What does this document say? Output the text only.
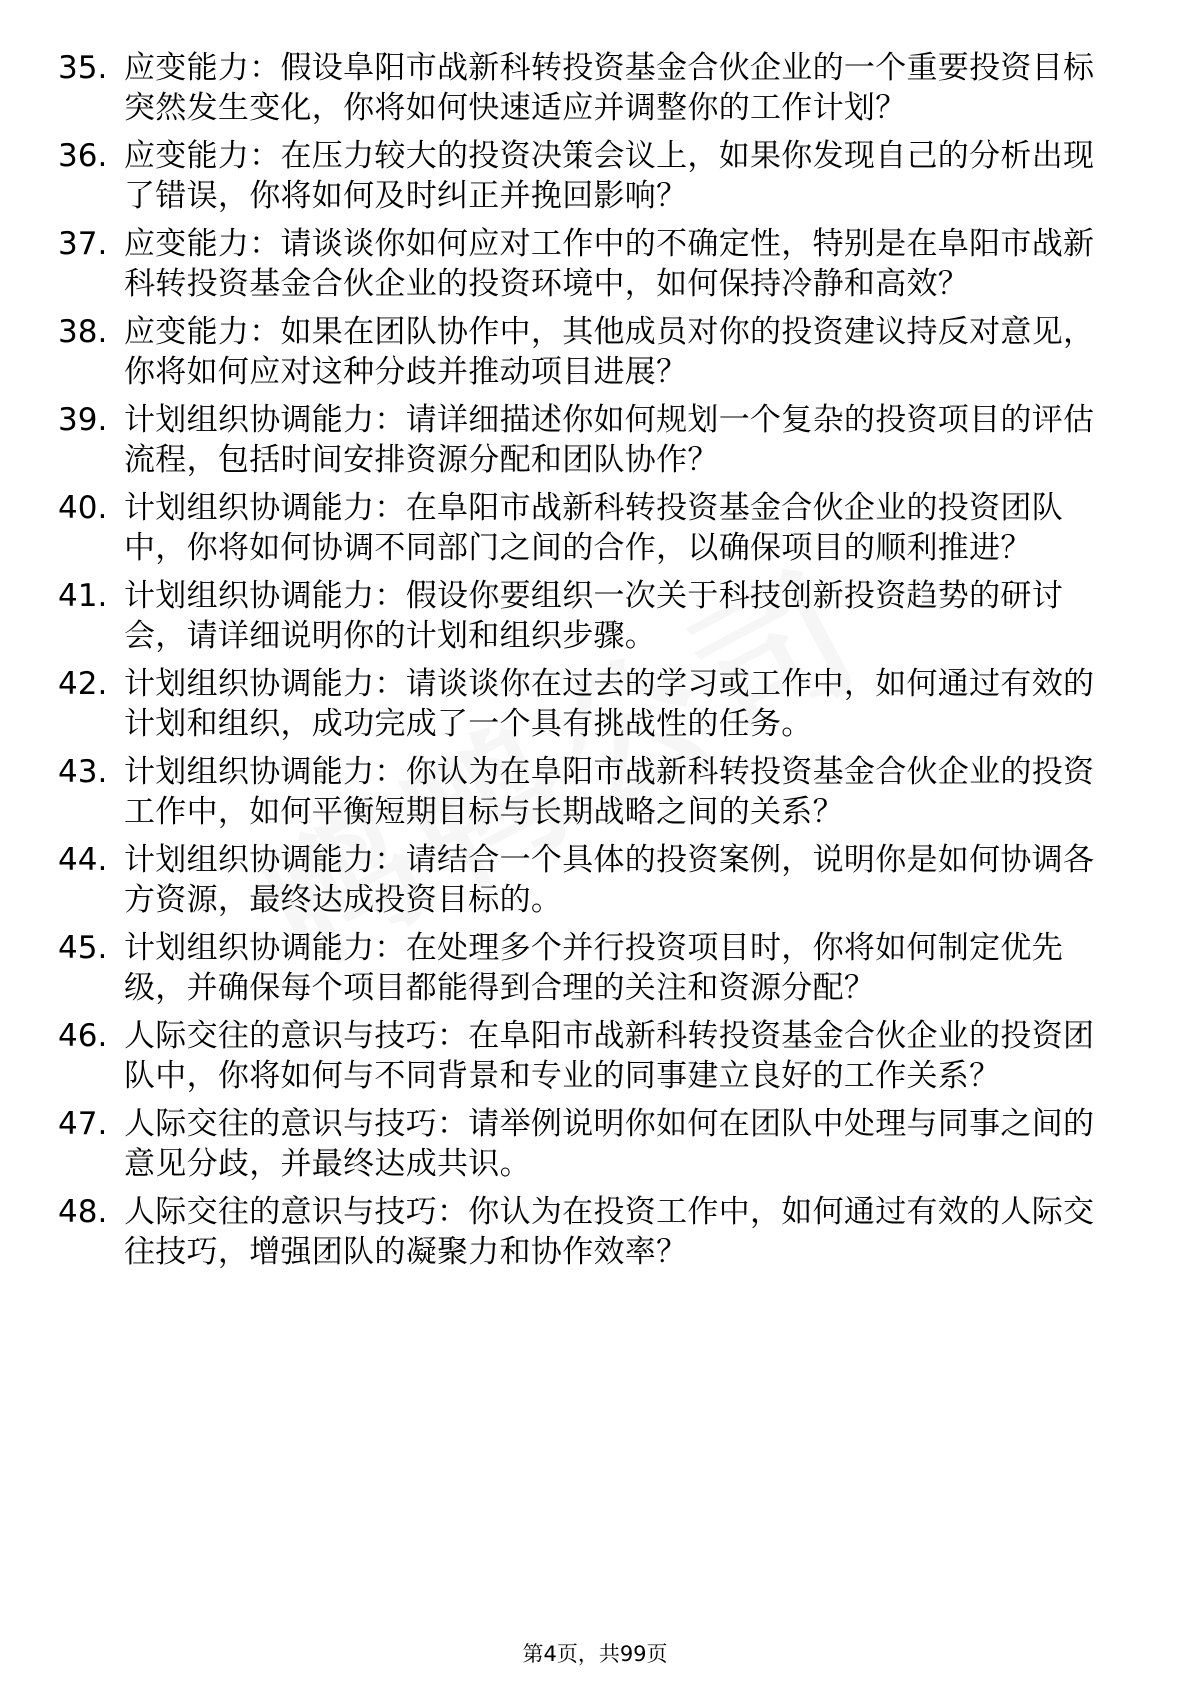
35. 应变能力：假设阜阳市战新科转投资基金合伙企业的一个重要投资目标突然发生变化，你将如何快速适应并调整你的工作计划？
36. 应变能力：在压力较大的投资决策会议上，如果你发现自己的分析出现了错误，你将如何及时纠正并挽回影响？
37. 应变能力：请谈谈你如何应对工作中的不确定性，特别是在阜阳市战新科转投资基金合伙企业的投资环境中，如何保持冷静和高效？
38. 应变能力：如果在团队协作中，其他成员对你的投资建议持反对意见，你将如何应对这种分歧并推动项目进展？
39. 计划组织协调能力：请详细描述你如何规划一个复杂的投资项目的评估流程，包括时间安排资源分配和团队协作？
40. 计划组织协调能力：在阜阳市战新科转投资基金合伙企业的投资团队中，你将如何协调不同部门之间的合作，以确保项目的顺利推进？
41. 计划组织协调能力：假设你要组织一次关于科技创新投资趋势的研讨会，请详细说明你的计划和组织步骤。
42. 计划组织协调能力：请谈谈你在过去的学习或工作中，如何通过有效的计划和组织，成功完成了一个具有挑战性的任务。
43. 计划组织协调能力：你认为在阜阳市战新科转投资基金合伙企业的投资工作中，如何平衡短期目标与长期战略之间的关系？
44. 计划组织协调能力：请结合一个具体的投资案例，说明你是如何协调各方资源，最终达成投资目标的。
45. 计划组织协调能力：在处理多个并行投资项目时，你将如何制定优先级，并确保每个项目都能得到合理的关注和资源分配？
46. 人际交往的意识与技巧：在阜阳市战新科转投资基金合伙企业的投资团队中，你将如何与不同背景和专业的同事建立良好的工作关系？
47. 人际交往的意识与技巧：请举例说明你如何在团队中处理与同事之间的意见分歧，并最终达成共识。
48. 人际交往的意识与技巧：你认为在投资工作中，如何通过有效的人际交往技巧，增强团队的凝聚力和协作效率？
第4页，共99页
